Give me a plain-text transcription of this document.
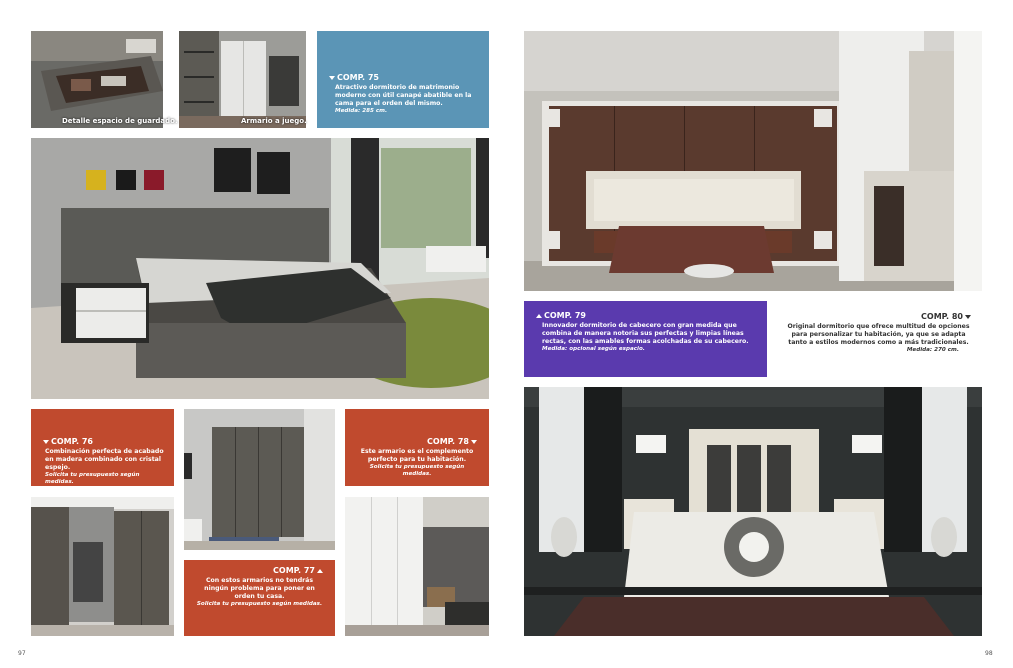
Detalle espacio de guardado.	Armario a juego.
COMP. 75
Atractivo dormitorio de matrimonio moderno con útil canapé abatible en la cama para el orden del mismo.
Medida: 285 cm.
COMP. 76
Combinación perfecta de acabado en madera combinado con cristal espejo.
Solicita tu presupuesto según medidas.
COMP. 77
Con estos armarios no tendrás ningún problema para poner en orden tu casa.
Solicita tu presupuesto según medidas.
COMP. 78
Este armario es el complemento perfecto para tu habitación.
Solicita tu presupuesto según medidas.
97
COMP. 79
Innovador dormitorio de cabecero con gran medida que combina de manera notoria sus perfectas y limpias líneas rectas, con las amables formas acolchadas de su cabecero.
Medida: opcional según espacio.
COMP. 80
Original dormitorio que ofrece multitud de opciones para personalizar tu habitación, ya que se adapta tanto a estilos modernos como a más tradicionales.
Medida: 270 cm.
98
